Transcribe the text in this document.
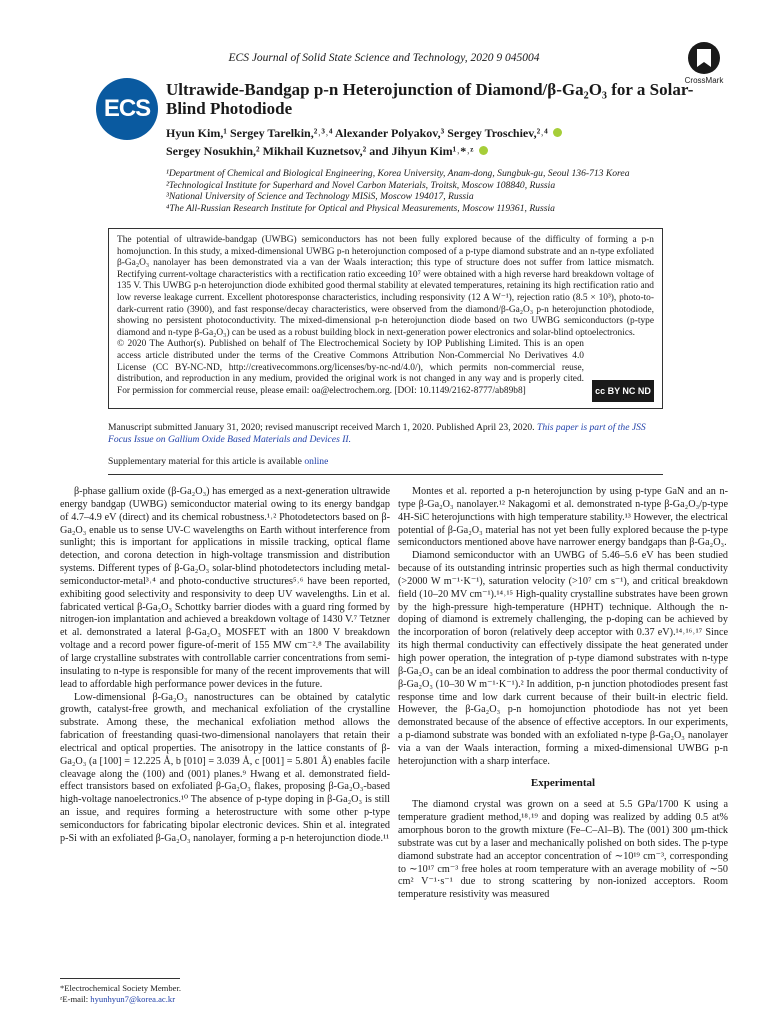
ECS Journal of Solid State Science and Technology, 2020 9 045004
ECS
CrossMark
Ultrawide-Bandgap p-n Heterojunction of Diamond/β-Ga₂O₃ for a Solar-Blind Photodiode
Hyun Kim,¹ Sergey Tarelkin,²˒³˒⁴ Alexander Polyakov,³ Sergey Troschiev,²˒⁴
Sergey Nosukhin,² Mikhail Kuznetsov,² and Jihyun Kim¹˒*˒ᶻ
¹Department of Chemical and Biological Engineering, Korea University, Anam-dong, Sungbuk-gu, Seoul 136-713 Korea
²Technological Institute for Superhard and Novel Carbon Materials, Troitsk, Moscow 108840, Russia
³National University of Science and Technology MISiS, Moscow 194017, Russia
⁴The All-Russian Research Institute for Optical and Physical Measurements, Moscow 119361, Russia

The potential of ultrawide-bandgap (UWBG) semiconductors has not been fully explored because of the difficulty of forming a p-n homojunction. In this study, a mixed-dimensional UWBG p-n heterojunction composed of a p-type diamond substrate and an n-type exfoliated β-Ga₂O₃ nanolayer has been demonstrated via a van der Waals interaction; this type of structure does not suffer from lattice mismatch. Rectifying current-voltage characteristics with a rectification ratio exceeding 10⁷ were obtained with a high reverse hard breakdown voltage of 135 V. This UWBG p-n heterojunction diode exhibited good thermal stability at elevated temperatures, retaining its high rectification ratio and low reverse leakage current. Excellent photoresponse characteristics, including responsivity (12 A W⁻¹), rejection ratio (8.5 × 10³), photo-to-dark-current ratio (3900), and fast response/decay characteristics, were observed from the diamond/β-Ga₂O₃ p-n heterojunction photodiode, showing no persistent photoconductivity. The mixed-dimensional p-n heterojunction diode based on two UWBG semiconductors (p-type diamond and n-type β-Ga₂O₃) can be used as a robust building block in next-generation power electronics and solar-blind optoelectronics.

© 2020 The Author(s). Published on behalf of The Electrochemical Society by IOP Publishing Limited. This is an open access article distributed under the terms of the Creative Commons Attribution Non-Commercial No Derivatives 4.0 License (CC BY-NC-ND, http://creativecommons.org/licenses/by-nc-nd/4.0/), which permits non-commercial reuse, distribution, and reproduction in any medium, provided the original work is not changed in any way and is properly cited. For permission for commercial reuse, please email: oa@electrochem.org. [DOI: 10.1149/2162-8777/ab89b8]	cc BY NC ND
Manuscript submitted January 31, 2020; revised manuscript received March 1, 2020. Published April 23, 2020. This paper is part of the JSS Focus Issue on Gallium Oxide Based Materials and Devices II.
Supplementary material for this article is available online

β-phase gallium oxide (β-Ga₂O₃) has emerged as a next-generation ultrawide energy bandgap (UWBG) semiconductor material owing to its energy bandgap of 4.7–4.9 eV (direct) and its chemical robustness.¹˒² Photodetectors based on β-Ga₂O₃ enable us to sense UV-C wavelengths on Earth without interference from sunlight; this is important for applications in missile tracking, optical flame detection, and corona detection in high-voltage transmission and distribution systems. Different types of β-Ga₂O₃ solar-blind photodetectors including metal-semiconductor-metal³˒⁴ and photo-conductive structures⁵˒⁶ have been reported, exhibiting good selectivity and responsivity to deep UV wavelengths. Lin et al. fabricated vertical β-Ga₂O₃ Schottky barrier diodes with a guard ring formed by nitrogen-ion implantation and achieved a breakdown voltage of 1430 V.⁷ Tetzner et al. demonstrated a lateral β-Ga₂O₃ MOSFET with an 1800 V breakdown voltage and a record power figure-of-merit of 155 MW cm⁻².⁸ The availability of large crystalline substrates with controllable carrier concentrations from semi-insulating to n-type is responsible for many of the recent improvements that will lead to affordable high performance power devices in the future.

Low-dimensional β-Ga₂O₃ nanostructures can be obtained by catalytic growth, catalyst-free growth, and mechanical exfoliation of the crystalline substrate. Among these, the mechanical exfoliation method allows the fabrication of freestanding quasi-two-dimensional nanolayers that retain their electrical and optical properties. The anisotropy in the lattice constants of β-Ga₂O₃ (a [100] = 12.225 Å, b [010] = 3.039 Å, c [001] = 5.801 Å) enables facile cleavage along the (100) and (001) planes.⁹ Hwang et al. demonstrated field-effect transistors based on exfoliated β-Ga₂O₃ flakes, proposing β-Ga₂O₃-based high-voltage nanoelectronics.¹⁰ The absence of p-type doping in β-Ga₂O₃ is still an issue, and requires forming a heterostructure with some other p-type semiconductors for fabricating bipolar electronic devices. Shin et al. integrated p-Si with an exfoliated β-Ga₂O₃ nanolayer, forming a p-n heterojunction diode.¹¹

Montes et al. reported a p-n heterojunction by using p-type GaN and an n-type β-Ga₂O₃ nanolayer.¹² Nakagomi et al. demonstrated n-type β-Ga₂O₃/p-type 4H-SiC heterojunctions with high temperature stability.¹³ However, the electrical potential of β-Ga₂O₃ material has not yet been fully explored because the p-type semiconductors mentioned above have narrower energy bandgaps than β-Ga₂O₃.

Diamond semiconductor with an UWBG of 5.46–5.6 eV has been studied because of its outstanding intrinsic properties such as high thermal conductivity (>2000 W m⁻¹·K⁻¹), saturation velocity (>10⁷ cm s⁻¹), and critical breakdown field (10–20 MV cm⁻¹).¹⁴˒¹⁵ High-quality crystalline substrates have been grown by the high-pressure high-temperature (HPHT) technique. Although the n-doping of diamond is extremely challenging, the p-doping can be achieved by the incorporation of boron (relatively deep acceptor with 0.37 eV).¹⁴˒¹⁶˒¹⁷ Since its high thermal conductivity can effectively dissipate the heat generated under high power operation, the integration of p-type diamond substrates with n-type β-Ga₂O₃ can be an ideal combination to address the poor thermal conductivity of β-Ga₂O₃ (10–30 W m⁻¹·K⁻¹).² In addition, p-n junction photodiodes present fast response time and low dark current because of their built-in electric field. However, the β-Ga₂O₃ p-n homojunction photodiode has not yet been demonstrated because of the absence of effective acceptors. In our experiments, a p-diamond substrate was bonded with an exfoliated n-type β-Ga₂O₃ nanolayer via a van der Waals interaction, forming a mixed-dimensional UWBG p-n heterojunction with a sharp interface.

Experimental

The diamond crystal was grown on a seed at 5.5 GPa/1700 K using a temperature gradient method,¹⁸˒¹⁹ and doping was realized by adding 0.5 at% amorphous boron to the growth mixture (Fe–C–Al–B). The (001) 300 μm-thick substrate was cut by a laser and mechanically polished on both sides. The p-type diamond substrate had an acceptor concentration of ∼10¹⁹ cm⁻³, corresponding to ∼10¹⁷ cm⁻³ free holes at room temperature with an average mobility of ∼50 cm² V⁻¹·s⁻¹ due to strong scattering by non-ionized acceptors. Room temperature resistivity was measured

*Electrochemical Society Member.
ᶻE-mail: hyunhyun7@korea.ac.kr
